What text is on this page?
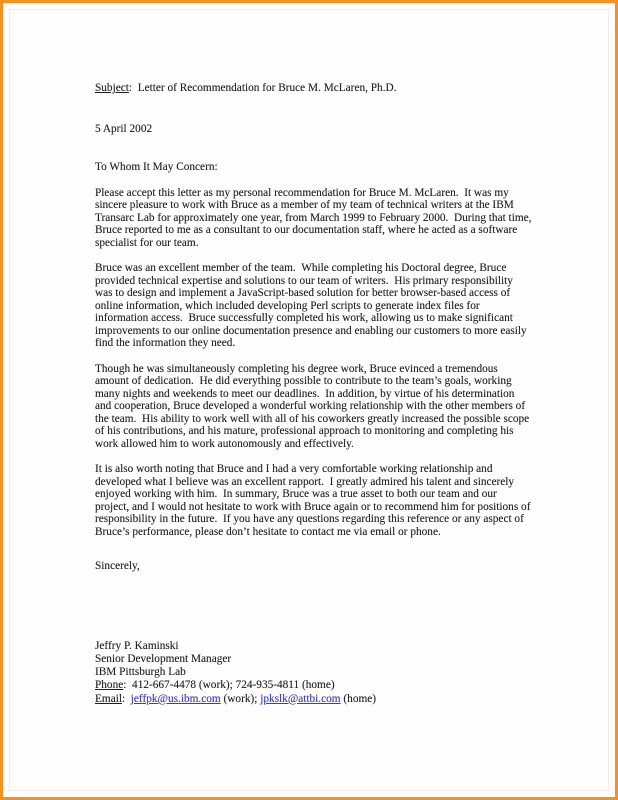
Subject:  Letter of Recommendation for Bruce M. McLaren, Ph.D.
5 April 2002
To Whom It May Concern:

Please accept this letter as my personal recommendation for Bruce M. McLaren.  It was my sincere pleasure to work with Bruce as a member of my team of technical writers at the IBM Transarc Lab for approximately one year, from March 1999 to February 2000.  During that time, Bruce reported to me as a consultant to our documentation staff, where he acted as a software specialist for our team.

Bruce was an excellent member of the team.  While completing his Doctoral degree, Bruce provided technical expertise and solutions to our team of writers.  His primary responsibility was to design and implement a JavaScript-based solution for better browser-based access of online information, which included developing Perl scripts to generate index files for information access.  Bruce successfully completed his work, allowing us to make significant improvements to our online documentation presence and enabling our customers to more easily find the information they need.

Though he was simultaneously completing his degree work, Bruce evinced a tremendous amount of dedication.  He did everything possible to contribute to the team’s goals, working many nights and weekends to meet our deadlines.  In addition, by virtue of his determination and cooperation, Bruce developed a wonderful working relationship with the other members of the team.  His ability to work well with all of his coworkers greatly increased the possible scope of his contributions, and his mature, professional approach to monitoring and completing his work allowed him to work autonomously and effectively.

It is also worth noting that Bruce and I had a very comfortable working relationship and developed what I believe was an excellent rapport.  I greatly admired his talent and sincerely enjoyed working with him.  In summary, Bruce was a true asset to both our team and our project, and I would not hesitate to work with Bruce again or to recommend him for positions of responsibility in the future.  If you have any questions regarding this reference or any aspect of Bruce’s performance, please don’t hesitate to contact me via email or phone.

Sincerely,
Jeffry P. Kaminski
Senior Development Manager
IBM Pittsburgh Lab
Phone:  412-667-4478 (work); 724-935-4811 (home)
Email:  jeffpk@us.ibm.com (work); jpkslk@attbi.com (home)
